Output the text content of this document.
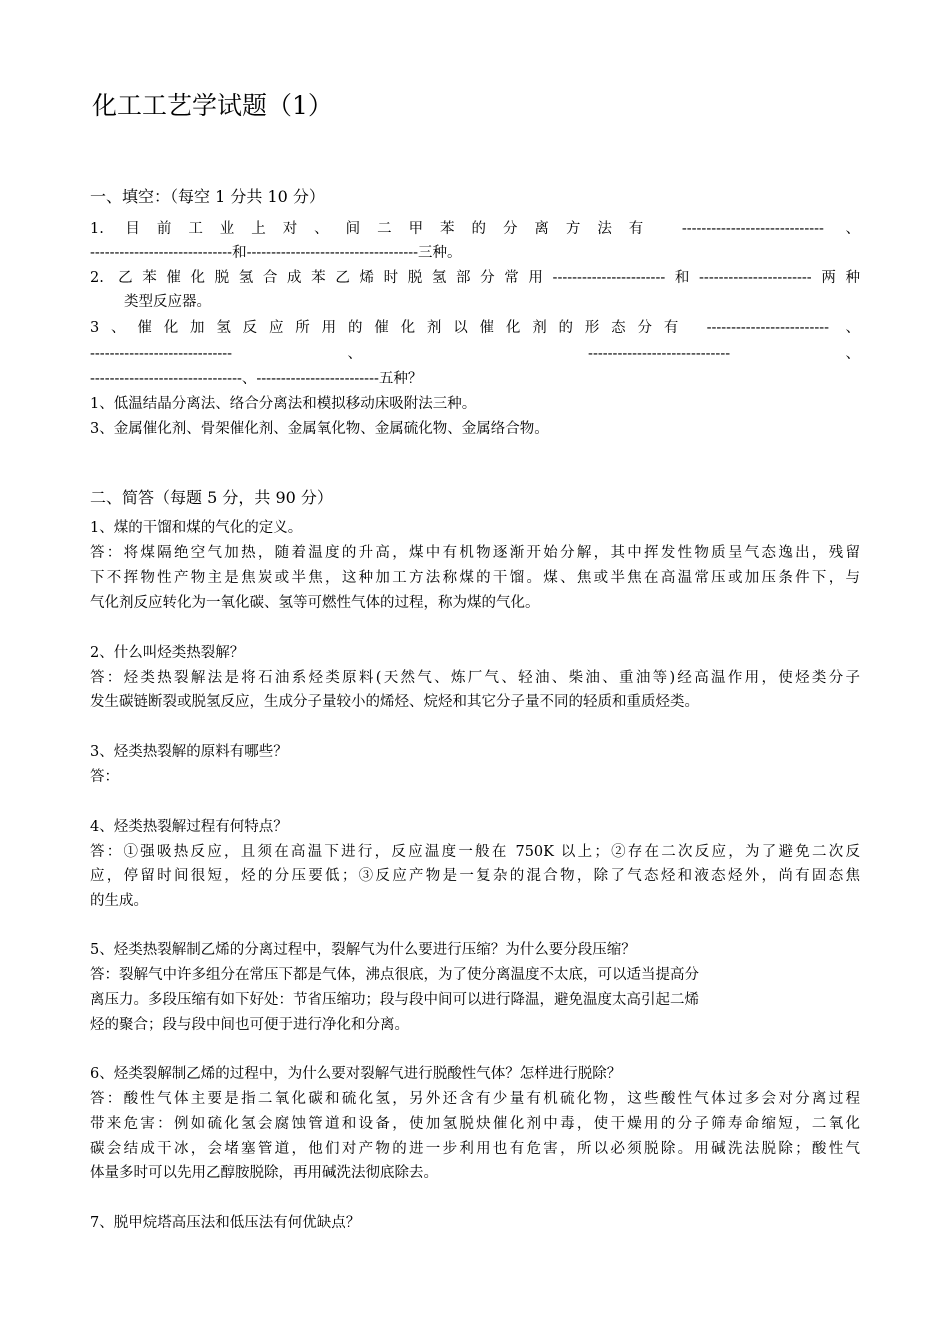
化工工艺学试题（1）
一、填空：（每空 1 分共 10 分）
1. 目前工业上对、间二甲苯的分离方法有 ----------------------------- 、
-----------------------------和-----------------------------------三种。
2. 乙苯催化脱氢合成苯乙烯时脱氢部分常用-----------------------和-----------------------两种
类型反应器。
3、催化加氢反应所用的催化剂以催化剂的形态分有 ------------------------- 、
----------------------------- 、 ----------------------------- 、
-------------------------------、-------------------------五种？
1、低温结晶分离法、络合分离法和模拟移动床吸附法三种。
3、金属催化剂、骨架催化剂、金属氧化物、金属硫化物、金属络合物。
二、简答（每题 5 分，共 90 分）
1、煤的干馏和煤的气化的定义。
答：将煤隔绝空气加热，随着温度的升高，煤中有机物逐渐开始分解，其中挥发性物质呈气态逸出，残留
下不挥物性产物主是焦炭或半焦，这种加工方法称煤的干馏。煤、焦或半焦在高温常压或加压条件下，与
气化剂反应转化为一氧化碳、氢等可燃性气体的过程，称为煤的气化。
2、什么叫烃类热裂解？
答：烃类热裂解法是将石油系烃类原料(天然气、炼厂气、轻油、柴油、重油等)经高温作用，使烃类分子
发生碳链断裂或脱氢反应，生成分子量较小的烯烃、烷烃和其它分子量不同的轻质和重质烃类。
3、烃类热裂解的原料有哪些？
答：
4、烃类热裂解过程有何特点？
答：①强吸热反应，且须在高温下进行，反应温度一般在 750K 以上；②存在二次反应，为了避免二次反
应，停留时间很短，烃的分压要低；③反应产物是一复杂的混合物，除了气态烃和液态烃外，尚有固态焦
的生成。
5、烃类热裂解制乙烯的分离过程中，裂解气为什么要进行压缩？为什么要分段压缩？
答：裂解气中许多组分在常压下都是气体，沸点很底，为了使分离温度不太底，可以适当提高分
离压力。多段压缩有如下好处：节省压缩功；段与段中间可以进行降温，避免温度太高引起二烯
烃的聚合；段与段中间也可便于进行净化和分离。
6、烃类裂解制乙烯的过程中，为什么要对裂解气进行脱酸性气体？怎样进行脱除？
答：酸性气体主要是指二氧化碳和硫化氢，另外还含有少量有机硫化物，这些酸性气体过多会对分离过程
带来危害：例如硫化氢会腐蚀管道和设备，使加氢脱炔催化剂中毒，使干燥用的分子筛寿命缩短，二氧化
碳会结成干冰，会堵塞管道，他们对产物的进一步利用也有危害，所以必须脱除。用碱洗法脱除；酸性气
体量多时可以先用乙醇胺脱除，再用碱洗法彻底除去。
7、脱甲烷塔高压法和低压法有何优缺点？
